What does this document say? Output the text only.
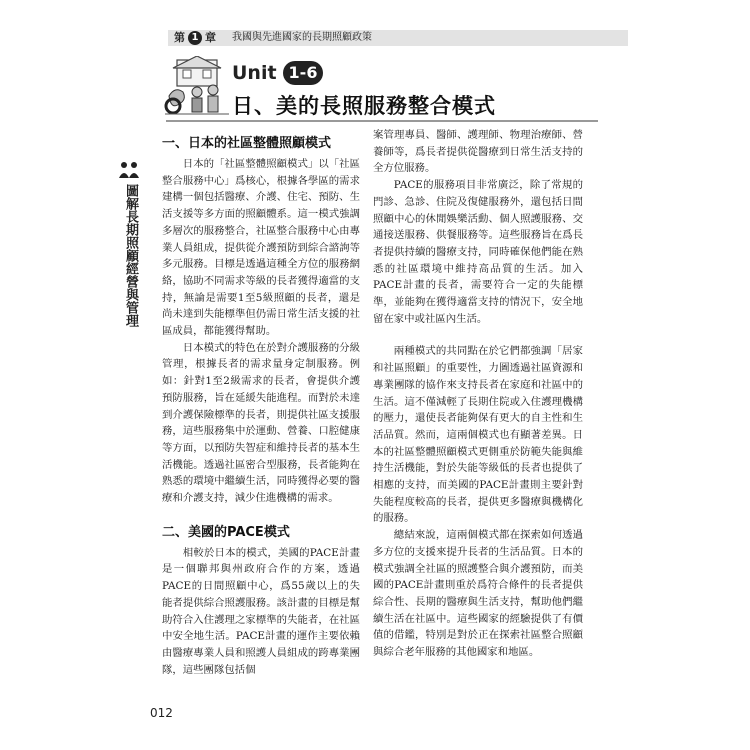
第 1 章 我國與先進國家的長期照顧政策
Unit 1-6
日、美的長照服務整合模式
圖解長期照顧經營與管理
一、日本的社區整體照顧模式

日本的「社區整體照顧模式」以「社區整合服務中心」爲核心，根據各學區的需求建構一個包括醫療、介護、住宅、預防、生活支援等多方面的照顧體系。這一模式強調多層次的服務整合，社區整合服務中心由專業人員組成，提供從介護預防到綜合諮詢等多元服務。目標是透過這種全方位的服務網絡，協助不同需求等級的長者獲得適當的支持，無論是需要1至5級照顧的長者，還是尚未達到失能標準但仍需日常生活支援的社區成員，都能獲得幫助。

日本模式的特色在於對介護服務的分級管理，根據長者的需求量身定制服務。例如：針對1至2級需求的長者，會提供介護預防服務，旨在延緩失能進程。而對於未達到介護保險標準的長者，則提供社區支援服務，這些服務集中於運動、營養、口腔健康等方面，以預防失智症和維持長者的基本生活機能。透過社區密合型服務，長者能夠在熟悉的環境中繼續生活，同時獲得必要的醫療和介護支持，減少住進機構的需求。

二、美國的PACE模式

相較於日本的模式，美國的PACE計畫是一個聯邦與州政府合作的方案，透過PACE的日間照顧中心，爲55歲以上的失能者提供綜合照護服務。該計畫的目標是幫助符合入住護理之家標準的失能者，在社區中安全地生活。PACE計畫的運作主要依賴由醫療專業人員和照護人員組成的跨專業團隊，這些團隊包括個

案管理專員、醫師、護理師、物理治療師、營養師等，爲長者提供從醫療到日常生活支持的全方位服務。

PACE的服務項目非常廣泛，除了常規的門診、急診、住院及復健服務外，還包括日間照顧中心的休閒娛樂活動、個人照護服務、交通接送服務、供餐服務等。這些服務旨在爲長者提供持續的醫療支持，同時確保他們能在熟悉的社區環境中維持高品質的生活。加入PACE計畫的長者，需要符合一定的失能標準，並能夠在獲得適當支持的情況下，安全地留在家中或社區內生活。

兩種模式的共同點在於它們都強調「居家和社區照顧」的重要性，力圖透過社區資源和專業團隊的協作來支持長者在家庭和社區中的生活。這不僅減輕了長期住院或入住護理機構的壓力，還使長者能夠保有更大的自主性和生活品質。然而，這兩個模式也有顯著差異。日本的社區整體照顧模式更側重於防範失能與維持生活機能，對於失能等級低的長者也提供了相應的支持，而美國的PACE計畫則主要針對失能程度較高的長者，提供更多醫療與機構化的服務。

總結來說，這兩個模式都在探索如何透過多方位的支援來提升長者的生活品質。日本的模式強調全社區的照護整合與介護預防，而美國的PACE計畫則重於爲符合條件的長者提供綜合性、長期的醫療與生活支持，幫助他們繼續生活在社區中。這些國家的經驗提供了有價值的借鑑，特別是對於正在探索社區整合照顧與綜合老年服務的其他國家和地區。

012
